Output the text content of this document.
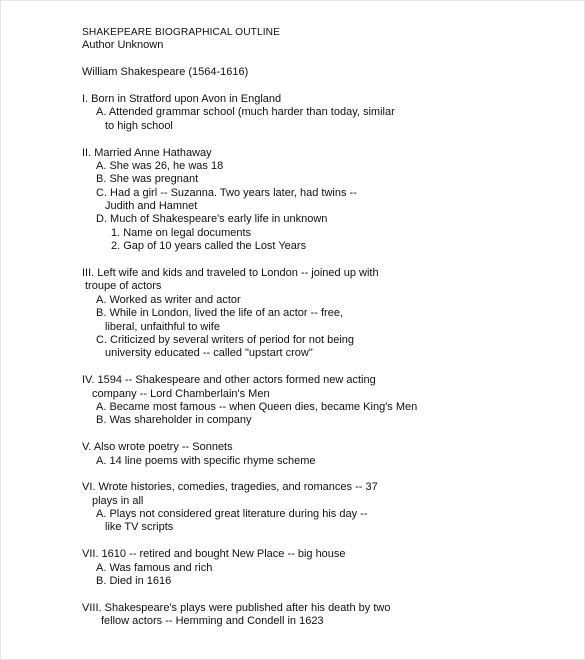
SHAKEPEARE BIOGRAPHICAL OUTLINE
Author Unknown
William Shakespeare (1564-1616)
I. Born in Stratford upon Avon in England
A. Attended grammar school (much harder than today, similar
to high school
II. Married Anne Hathaway
A. She was 26, he was 18
B. She was pregnant
C. Had a girl -- Suzanna. Two years later, had twins --
Judith and Hamnet
D. Much of Shakespeare's early life in unknown
1. Name on legal documents
2. Gap of 10 years called the Lost Years
III. Left wife and kids and traveled to London -- joined up with
troupe of actors
A. Worked as writer and actor
B. While in London, lived the life of an actor -- free,
liberal, unfaithful to wife
C. Criticized by several writers of period for not being
university educated -- called "upstart crow"
IV. 1594 -- Shakespeare and other actors formed new acting
company -- Lord Chamberlain's Men
A. Became most famous -- when Queen dies, became King's Men
B. Was shareholder in company
V. Also wrote poetry -- Sonnets
A. 14 line poems with specific rhyme scheme
VI. Wrote histories, comedies, tragedies, and romances -- 37
plays in all
A. Plays not considered great literature during his day --
like TV scripts
VII. 1610 -- retired and bought New Place -- big house
A. Was famous and rich
B. Died in 1616
VIII. Shakespeare's plays were published after his death by two
fellow actors -- Hemming and Condell in 1623
